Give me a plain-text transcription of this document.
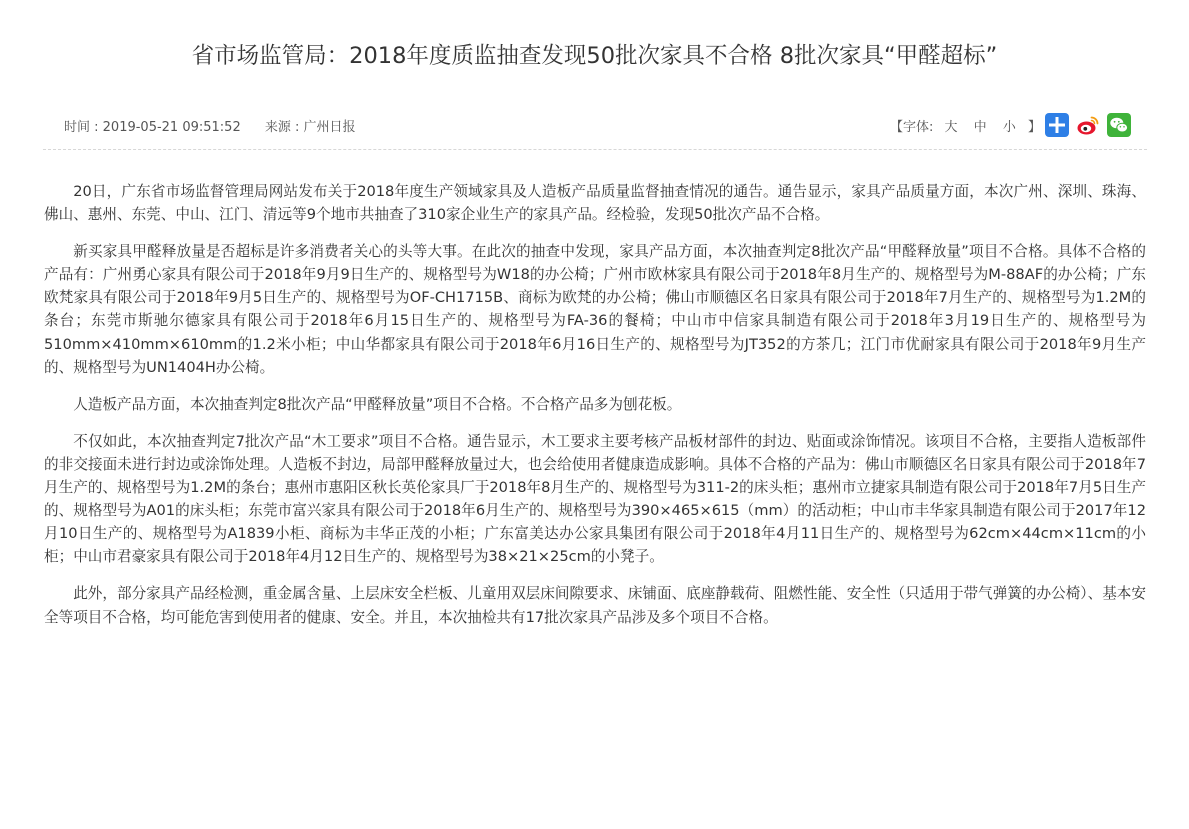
省市场监管局：2018年度质监抽查发现50批次家具不合格 8批次家具“甲醛超标”
时间 : 2019-05-21 09:51:52 来源 : 广州日报	【字体: 大 中 小 】

20日，广东省市场监督管理局网站发布关于2018年度生产领域家具及人造板产品质量监督抽查情况的通告。通告显示，家具产品质量方面，本次广州、深圳、珠海、佛山、惠州、东莞、中山、江门、清远等9个地市共抽查了310家企业生产的家具产品。经检验，发现50批次产品不合格。

新买家具甲醛释放量是否超标是许多消费者关心的头等大事。在此次的抽查中发现，家具产品方面，本次抽查判定8批次产品“甲醛释放量”项目不合格。具体不合格的产品有：广州勇心家具有限公司于2018年9月9日生产的、规格型号为W18的办公椅；广州市欧林家具有限公司于2018年8月生产的、规格型号为M-88AF的办公椅；广东欧梵家具有限公司于2018年9月5日生产的、规格型号为OF-CH1715B、商标为欧梵的办公椅；佛山市顺德区名日家具有限公司于2018年7月生产的、规格型号为1.2M的条台；东莞市斯驰尔德家具有限公司于2018年6月15日生产的、规格型号为FA-36的餐椅；中山市中信家具制造有限公司于2018年3月19日生产的、规格型号为510mm×410mm×610mm的1.2米小柜；中山华都家具有限公司于2018年6月16日生产的、规格型号为JT352的方茶几；江门市优耐家具有限公司于2018年9月生产的、规格型号为UN1404H办公椅。

人造板产品方面，本次抽查判定8批次产品“甲醛释放量”项目不合格。不合格产品多为刨花板。

不仅如此，本次抽查判定7批次产品“木工要求”项目不合格。通告显示，木工要求主要考核产品板材部件的封边、贴面或涂饰情况。该项目不合格，主要指人造板部件的非交接面未进行封边或涂饰处理。人造板不封边，局部甲醛释放量过大，也会给使用者健康造成影响。具体不合格的产品为：佛山市顺德区名日家具有限公司于2018年7月生产的、规格型号为1.2M的条台；惠州市惠阳区秋长英伦家具厂于2018年8月生产的、规格型号为311-2的床头柜；惠州市立捷家具制造有限公司于2018年7月5日生产的、规格型号为A01的床头柜；东莞市富兴家具有限公司于2018年6月生产的、规格型号为390×465×615（mm）的活动柜；中山市丰华家具制造有限公司于2017年12月10日生产的、规格型号为A1839小柜、商标为丰华正茂的小柜；广东富美达办公家具集团有限公司于2018年4月11日生产的、规格型号为62cm×44cm×11cm的小柜；中山市君豪家具有限公司于2018年4月12日生产的、规格型号为38×21×25cm的小凳子。

此外，部分家具产品经检测，重金属含量、上层床安全栏板、儿童用双层床间隙要求、床铺面、底座静载荷、阻燃性能、安全性（只适用于带气弹簧的办公椅）、基本安全等项目不合格，均可能危害到使用者的健康、安全。并且，本次抽检共有17批次家具产品涉及多个项目不合格。
